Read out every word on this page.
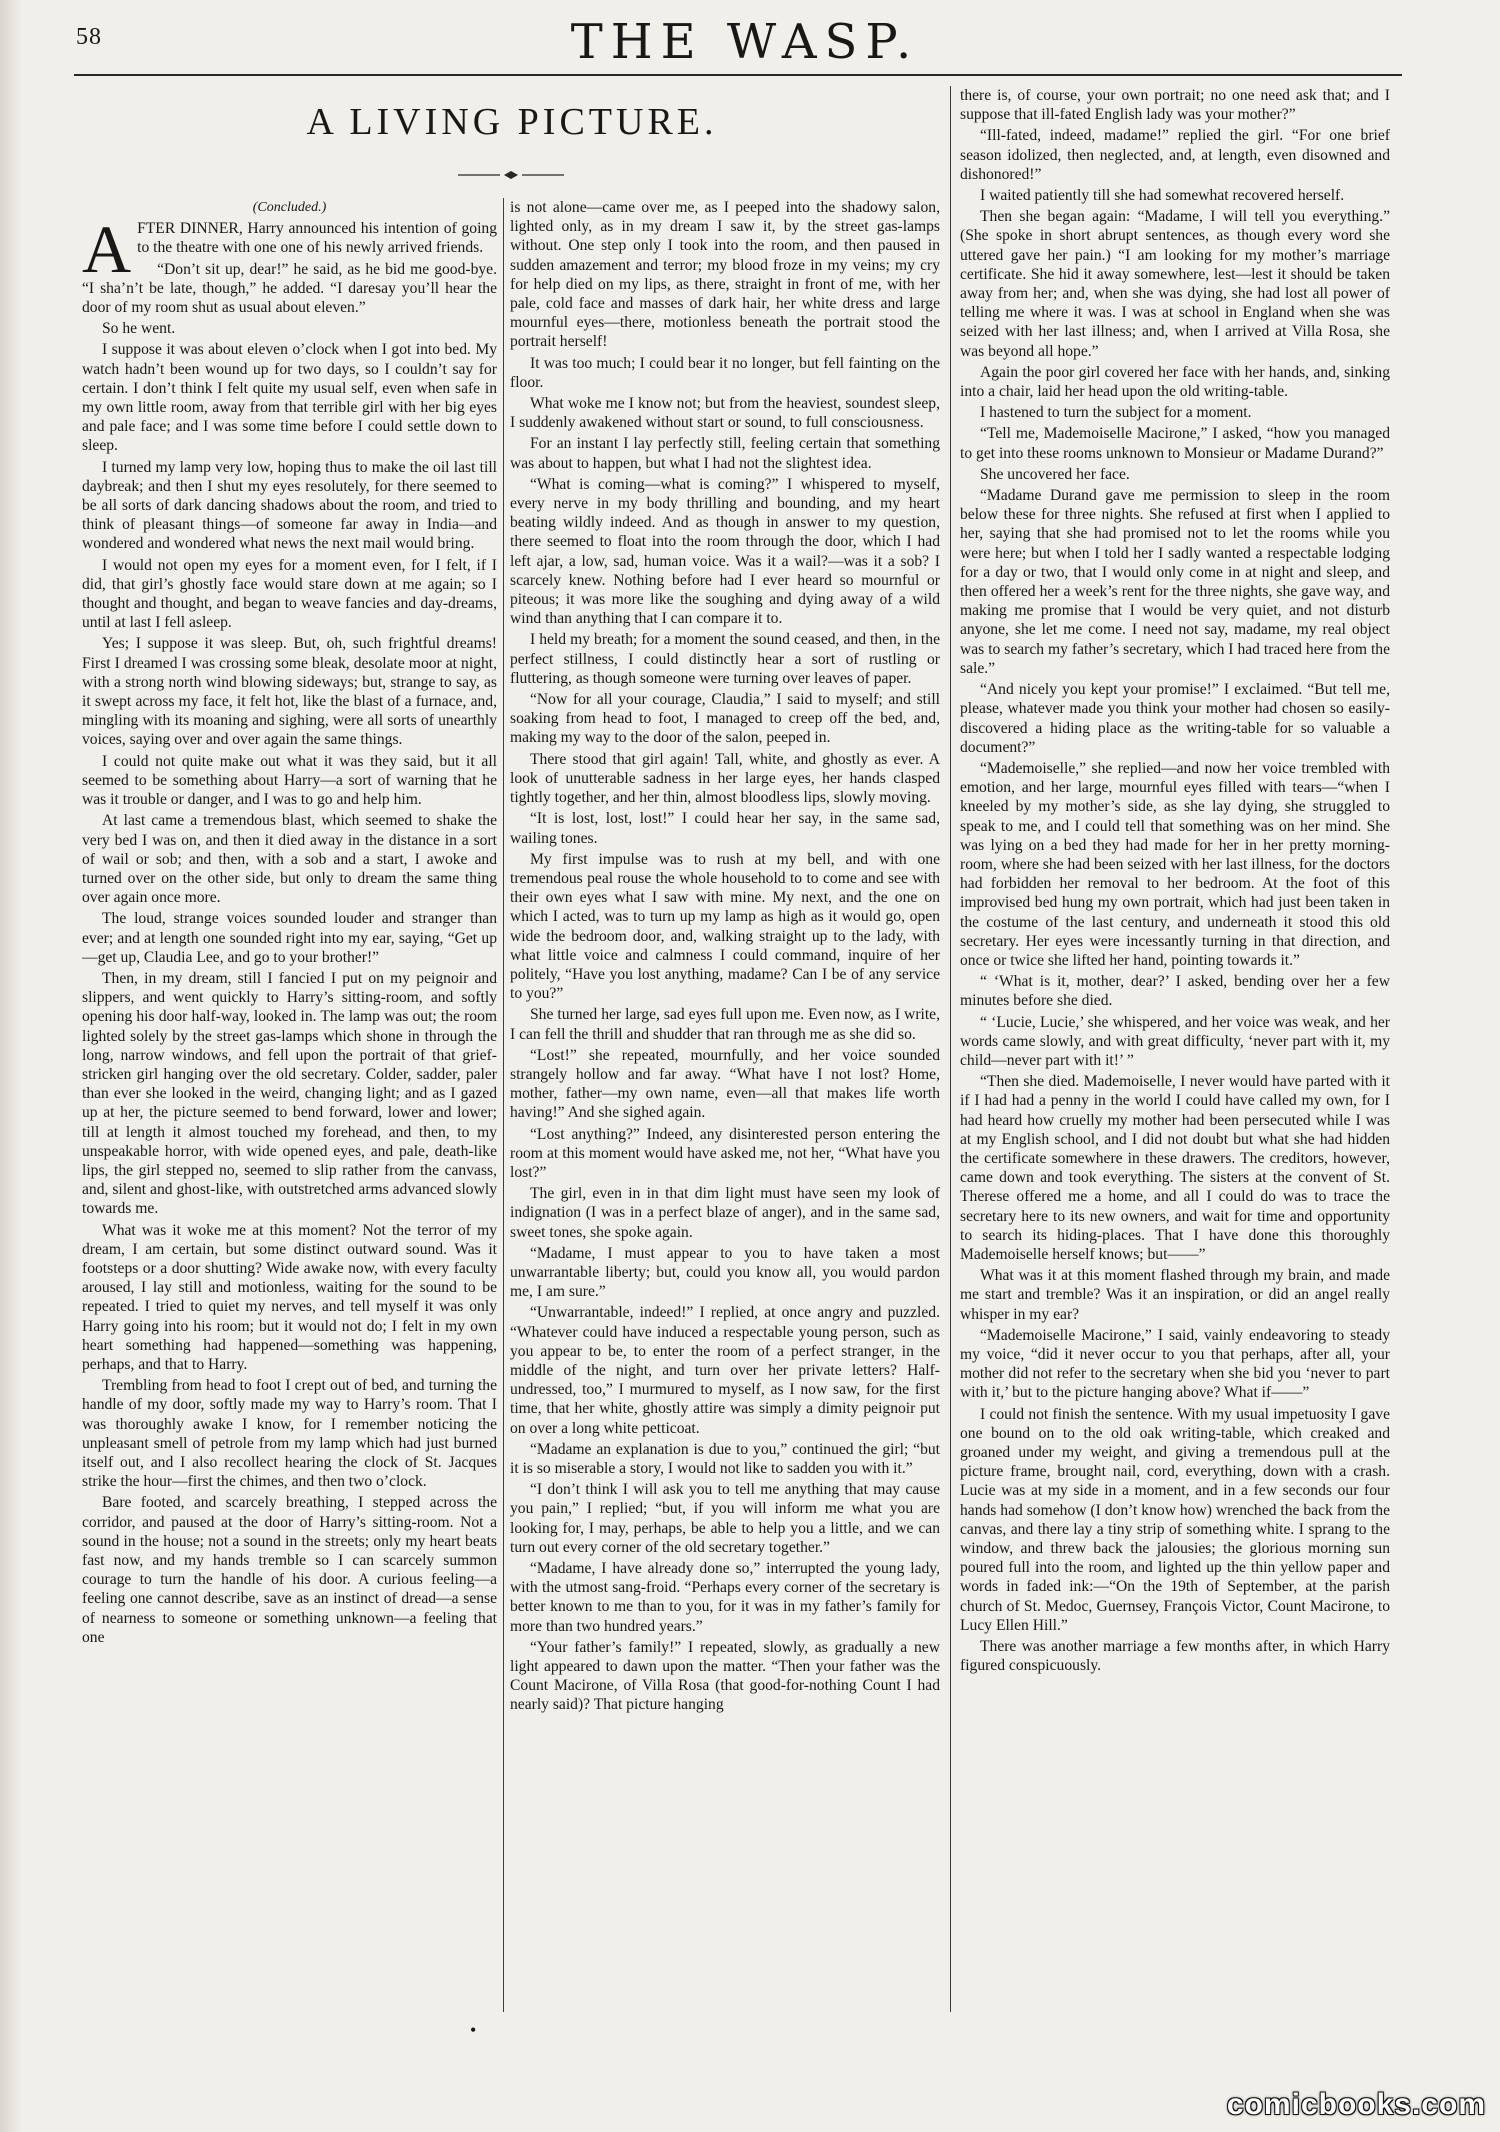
58	THE WASP.
A LIVING PICTURE.

(Concluded.)

AFTER DINNER, Harry announced his intention of going to the theatre with one one of his newly arrived friends.

“Don’t sit up, dear!” he said, as he bid me good-bye. “I sha’n’t be late, though,” he added. “I daresay you’ll hear the door of my room shut as usual about eleven.”

So he went.

I suppose it was about eleven o’clock when I got into bed. My watch hadn’t been wound up for two days, so I couldn’t say for certain. I don’t think I felt quite my usual self, even when safe in my own little room, away from that terrible girl with her big eyes and pale face; and I was some time before I could settle down to sleep.

I turned my lamp very low, hoping thus to make the oil last till daybreak; and then I shut my eyes resolutely, for there seemed to be all sorts of dark dancing shadows about the room, and tried to think of pleasant things—of someone far away in India—and wondered and wondered what news the next mail would bring.

I would not open my eyes for a moment even, for I felt, if I did, that girl’s ghostly face would stare down at me again; so I thought and thought, and began to weave fancies and day-dreams, until at last I fell asleep.

Yes; I suppose it was sleep. But, oh, such frightful dreams! First I dreamed I was crossing some bleak, desolate moor at night, with a strong north wind blowing sideways; but, strange to say, as it swept across my face, it felt hot, like the blast of a furnace, and, mingling with its moaning and sighing, were all sorts of unearthly voices, saying over and over again the same things.

I could not quite make out what it was they said, but it all seemed to be something about Harry—a sort of warning that he was it trouble or danger, and I was to go and help him.

At last came a tremendous blast, which seemed to shake the very bed I was on, and then it died away in the distance in a sort of wail or sob; and then, with a sob and a start, I awoke and turned over on the other side, but only to dream the same thing over again once more.

The loud, strange voices sounded louder and stranger than ever; and at length one sounded right into my ear, saying, “Get up—get up, Claudia Lee, and go to your brother!”

Then, in my dream, still I fancied I put on my peignoir and slippers, and went quickly to Harry’s sitting-room, and softly opening his door half-way, looked in. The lamp was out; the room lighted solely by the street gas-lamps which shone in through the long, narrow windows, and fell upon the portrait of that grief-stricken girl hanging over the old secretary. Colder, sadder, paler than ever she looked in the weird, changing light; and as I gazed up at her, the picture seemed to bend forward, lower and lower; till at length it almost touched my forehead, and then, to my unspeakable horror, with wide opened eyes, and pale, death-like lips, the girl stepped no, seemed to slip rather from the canvass, and, silent and ghost-like, with outstretched arms advanced slowly towards me.

What was it woke me at this moment? Not the terror of my dream, I am certain, but some distinct outward sound. Was it footsteps or a door shutting? Wide awake now, with every faculty aroused, I lay still and motionless, waiting for the sound to be repeated. I tried to quiet my nerves, and tell myself it was only Harry going into his room; but it would not do; I felt in my own heart something had happened—something was happening, perhaps, and that to Harry.

Trembling from head to foot I crept out of bed, and turning the handle of my door, softly made my way to Harry’s room. That I was thoroughly awake I know, for I remember noticing the unpleasant smell of petrole from my lamp which had just burned itself out, and I also recollect hearing the clock of St. Jacques strike the hour—first the chimes, and then two o’clock.

Bare footed, and scarcely breathing, I stepped across the corridor, and paused at the door of Harry’s sitting-room. Not a sound in the house; not a sound in the streets; only my heart beats fast now, and my hands tremble so I can scarcely summon courage to turn the handle of his door. A curious feeling—a feeling one cannot describe, save as an instinct of dread—a sense of nearness to someone or something unknown—a feeling that one

is not alone—came over me, as I peeped into the shadowy salon, lighted only, as in my dream I saw it, by the street gas-lamps without. One step only I took into the room, and then paused in sudden amazement and terror; my blood froze in my veins; my cry for help died on my lips, as there, straight in front of me, with her pale, cold face and masses of dark hair, her white dress and large mournful eyes—there, motionless beneath the portrait stood the portrait herself!

It was too much; I could bear it no longer, but fell fainting on the floor.

What woke me I know not; but from the heaviest, soundest sleep, I suddenly awakened without start or sound, to full consciousness.

For an instant I lay perfectly still, feeling certain that something was about to happen, but what I had not the slightest idea.

“What is coming—what is coming?” I whispered to myself, every nerve in my body thrilling and bounding, and my heart beating wildly indeed. And as though in answer to my question, there seemed to float into the room through the door, which I had left ajar, a low, sad, human voice. Was it a wail?—was it a sob? I scarcely knew. Nothing before had I ever heard so mournful or piteous; it was more like the soughing and dying away of a wild wind than anything that I can compare it to.

I held my breath; for a moment the sound ceased, and then, in the perfect stillness, I could distinctly hear a sort of rustling or fluttering, as though someone were turning over leaves of paper.

“Now for all your courage, Claudia,” I said to myself; and still soaking from head to foot, I managed to creep off the bed, and, making my way to the door of the salon, peeped in.

There stood that girl again! Tall, white, and ghostly as ever. A look of unutterable sadness in her large eyes, her hands clasped tightly together, and her thin, almost bloodless lips, slowly moving.

“It is lost, lost, lost!” I could hear her say, in the same sad, wailing tones.

My first impulse was to rush at my bell, and with one tremendous peal rouse the whole household to to come and see with their own eyes what I saw with mine. My next, and the one on which I acted, was to turn up my lamp as high as it would go, open wide the bedroom door, and, walking straight up to the lady, with what little voice and calmness I could command, inquire of her politely, “Have you lost anything, madame? Can I be of any service to you?”

She turned her large, sad eyes full upon me. Even now, as I write, I can fell the thrill and shudder that ran through me as she did so.

“Lost!” she repeated, mournfully, and her voice sounded strangely hollow and far away. “What have I not lost? Home, mother, father—my own name, even—all that makes life worth having!” And she sighed again.

“Lost anything?” Indeed, any disinterested person entering the room at this moment would have asked me, not her, “What have you lost?”

The girl, even in in that dim light must have seen my look of indignation (I was in a perfect blaze of anger), and in the same sad, sweet tones, she spoke again.

“Madame, I must appear to you to have taken a most unwarrantable liberty; but, could you know all, you would pardon me, I am sure.”

“Unwarrantable, indeed!” I replied, at once angry and puzzled. “Whatever could have induced a respectable young person, such as you appear to be, to enter the room of a perfect stranger, in the middle of the night, and turn over her private letters? Half-undressed, too,” I murmured to myself, as I now saw, for the first time, that her white, ghostly attire was simply a dimity peignoir put on over a long white petticoat.

“Madame an explanation is due to you,” continued the girl; “but it is so miserable a story, I would not like to sadden you with it.”

“I don’t think I will ask you to tell me anything that may cause you pain,” I replied; “but, if you will inform me what you are looking for, I may, perhaps, be able to help you a little, and we can turn out every corner of the old secretary together.”

“Madame, I have already done so,” interrupted the young lady, with the utmost sang-froid. “Perhaps every corner of the secretary is better known to me than to you, for it was in my father’s family for more than two hundred years.”

“Your father’s family!” I repeated, slowly, as gradually a new light appeared to dawn upon the matter. “Then your father was the Count Macirone, of Villa Rosa (that good-for-nothing Count I had nearly said)? That picture hanging

there is, of course, your own portrait; no one need ask that; and I suppose that ill-fated English lady was your mother?”

“Ill-fated, indeed, madame!” replied the girl. “For one brief season idolized, then neglected, and, at length, even disowned and dishonored!”

I waited patiently till she had somewhat recovered herself.

Then she began again: “Madame, I will tell you everything.” (She spoke in short abrupt sentences, as though every word she uttered gave her pain.) “I am looking for my mother’s marriage certificate. She hid it away somewhere, lest—lest it should be taken away from her; and, when she was dying, she had lost all power of telling me where it was. I was at school in England when she was seized with her last illness; and, when I arrived at Villa Rosa, she was beyond all hope.”

Again the poor girl covered her face with her hands, and, sinking into a chair, laid her head upon the old writing-table.

I hastened to turn the subject for a moment.

“Tell me, Mademoiselle Macirone,” I asked, “how you managed to get into these rooms unknown to Monsieur or Madame Durand?”

She uncovered her face.

“Madame Durand gave me permission to sleep in the room below these for three nights. She refused at first when I applied to her, saying that she had promised not to let the rooms while you were here; but when I told her I sadly wanted a respectable lodging for a day or two, that I would only come in at night and sleep, and then offered her a week’s rent for the three nights, she gave way, and making me promise that I would be very quiet, and not disturb anyone, she let me come. I need not say, madame, my real object was to search my father’s secretary, which I had traced here from the sale.”

“And nicely you kept your promise!” I exclaimed. “But tell me, please, whatever made you think your mother had chosen so easily-discovered a hiding place as the writing-table for so valuable a document?”

“Mademoiselle,” she replied—and now her voice trembled with emotion, and her large, mournful eyes filled with tears—“when I kneeled by my mother’s side, as she lay dying, she struggled to speak to me, and I could tell that something was on her mind. She was lying on a bed they had made for her in her pretty morning-room, where she had been seized with her last illness, for the doctors had forbidden her removal to her bedroom. At the foot of this improvised bed hung my own portrait, which had just been taken in the costume of the last century, and underneath it stood this old secretary. Her eyes were incessantly turning in that direction, and once or twice she lifted her hand, pointing towards it.”

“ ‘What is it, mother, dear?’ I asked, bending over her a few minutes before she died.

“ ‘Lucie, Lucie,’ she whispered, and her voice was weak, and her words came slowly, and with great difficulty, ‘never part with it, my child—never part with it!’ ”

“Then she died. Mademoiselle, I never would have parted with it if I had had a penny in the world I could have called my own, for I had heard how cruelly my mother had been persecuted while I was at my English school, and I did not doubt but what she had hidden the certificate somewhere in these drawers. The creditors, however, came down and took everything. The sisters at the convent of St. Therese offered me a home, and all I could do was to trace the secretary here to its new owners, and wait for time and opportunity to search its hiding-places. That I have done this thoroughly Mademoiselle herself knows; but——”

What was it at this moment flashed through my brain, and made me start and tremble? Was it an inspiration, or did an angel really whisper in my ear?

“Mademoiselle Macirone,” I said, vainly endeavoring to steady my voice, “did it never occur to you that perhaps, after all, your mother did not refer to the secretary when she bid you ‘never to part with it,’ but to the picture hanging above? What if——”

I could not finish the sentence. With my usual impetuosity I gave one bound on to the old oak writing-table, which creaked and groaned under my weight, and giving a tremendous pull at the picture frame, brought nail, cord, everything, down with a crash. Lucie was at my side in a moment, and in a few seconds our four hands had somehow (I don’t know how) wrenched the back from the canvas, and there lay a tiny strip of something white. I sprang to the window, and threw back the jalousies; the glorious morning sun poured full into the room, and lighted up the thin yellow paper and words in faded ink:—“On the 19th of September, at the parish church of St. Medoc, Guernsey, François Victor, Count Macirone, to Lucy Ellen Hill.”

There was another marriage a few months after, in which Harry figured conspicuously.

•
comicbooks.com
